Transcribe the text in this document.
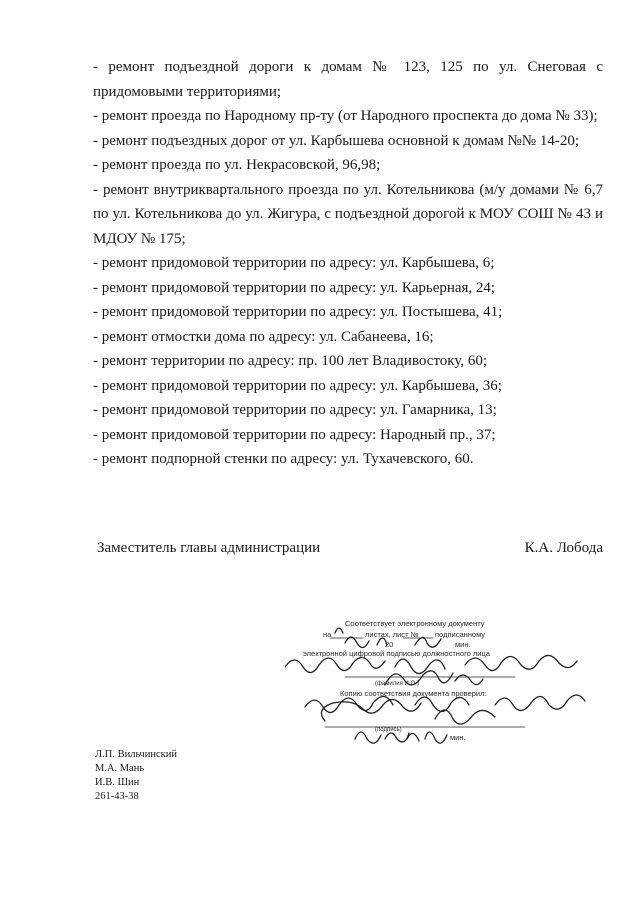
- ремонт подъездной дороги к домам № 123, 125 по ул. Снеговая с придомовыми территориями;

- ремонт проезда по Народному пр-ту (от Народного проспекта до дома № 33);

- ремонт подъездных дорог от ул. Карбышева основной к домам №№ 14-20;

- ремонт проезда по ул. Некрасовской, 96,98;

- ремонт внутриквартального проезда по ул. Котельникова (м/у домами № 6,7 по ул. Котельникова до ул. Жигура, с подъездной дорогой к МОУ СОШ № 43 и МДОУ № 175;

- ремонт придомовой территории по адресу: ул. Карбышева, 6;

- ремонт придомовой территории по адресу: ул. Карьерная, 24;

- ремонт придомовой территории по адресу: ул. Постышева, 41;

- ремонт отмостки дома по адресу: ул. Сабанеева, 16;

- ремонт территории по адресу: пр. 100 лет Владивостоку, 60;

- ремонт придомовой территории по адресу: ул. Карбышева, 36;

- ремонт придомовой территории по адресу: ул. Гамарника, 13;

- ремонт придомовой территории по адресу: Народный пр., 37;

- ремонт подпорной стенки по адресу: ул. Тухачевского, 60.

Заместитель главы администрации	К.А. Лобода
Соответствует электронному документу
на	листах, лист № подписанному
20	мин.
электронной цифровой подписью должностного лица
(фамилия И.О.)
Копию соответствия документа проверил:
(подпись)
мин.
Л.П. Вильчинский
М.А. Мань
И.В. Шин
261-43-38
